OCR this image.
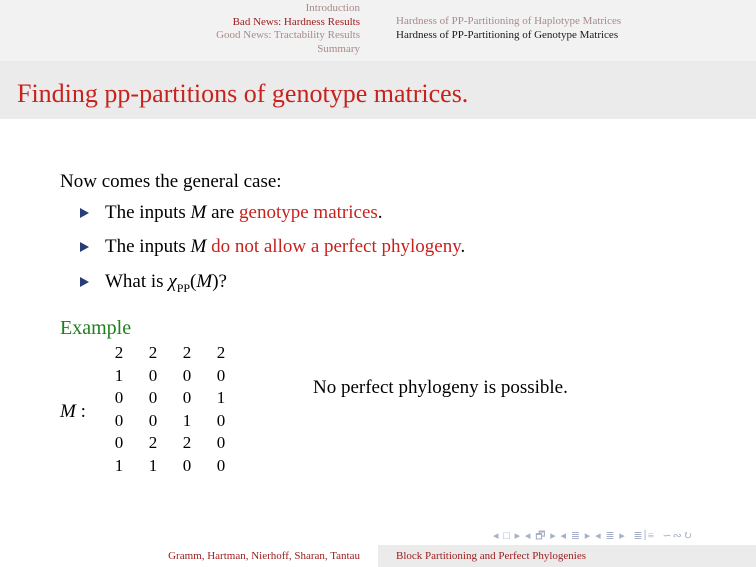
Introduction
Bad News: Hardness Results
Good News: Tractability Results
Summary
Hardness of PP-Partitioning of Haplotype Matrices
Hardness of PP-Partitioning of Genotype Matrices
Finding pp-partitions of genotype matrices.
Now comes the general case:
The inputs M are genotype matrices.
The inputs M do not allow a perfect phylogeny.
What is $\chi_{PP}(M)$?
Example
M :
2	2	2	2
1	0	0	0
0	0	0	1
0	0	1	0
0	2	2	0
1	1	0	0
No perfect phylogeny is possible.
◂ □ ▸ ◂ 🗗 ▸ ◂ ≣ ▸ ◂ ≣ ▸  ≣∣≡  ∽∾↻
Gramm, Hartman, Nierhoff, Sharan, Tantau	Block Partitioning and Perfect Phylogenies
